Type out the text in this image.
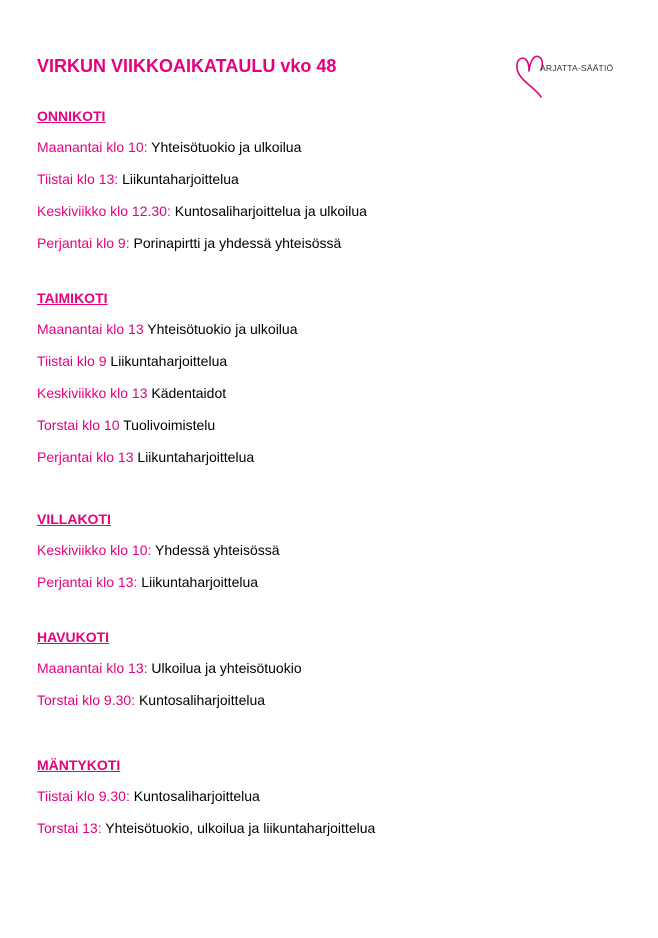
VIRKUN VIIKKOAIKATAULU vko 48	ARJATTA-SÄÄTIÖ
ONNIKOTI
Maanantai klo 10: Yhteisötuokio ja ulkoilua
Tiistai klo 13: Liikuntaharjoittelua
Keskiviikko klo 12.30: Kuntosaliharjoittelua ja ulkoilua
Perjantai klo 9: Porinapirtti ja yhdessä yhteisössä
TAIMIKOTI
Maanantai klo 13 Yhteisötuokio ja ulkoilua
Tiistai klo 9 Liikuntaharjoittelua
Keskiviikko klo 13 Kädentaidot
Torstai klo 10 Tuolivoimistelu
Perjantai klo 13 Liikuntaharjoittelua
VILLAKOTI
Keskiviikko klo 10: Yhdessä yhteisössä
Perjantai klo 13: Liikuntaharjoittelua
HAVUKOTI
Maanantai klo 13: Ulkoilua ja yhteisötuokio
Torstai klo 9.30: Kuntosaliharjoittelua
MÄNTYKOTI
Tiistai klo 9.30: Kuntosaliharjoittelua
Torstai 13: Yhteisötuokio, ulkoilua ja liikuntaharjoittelua
